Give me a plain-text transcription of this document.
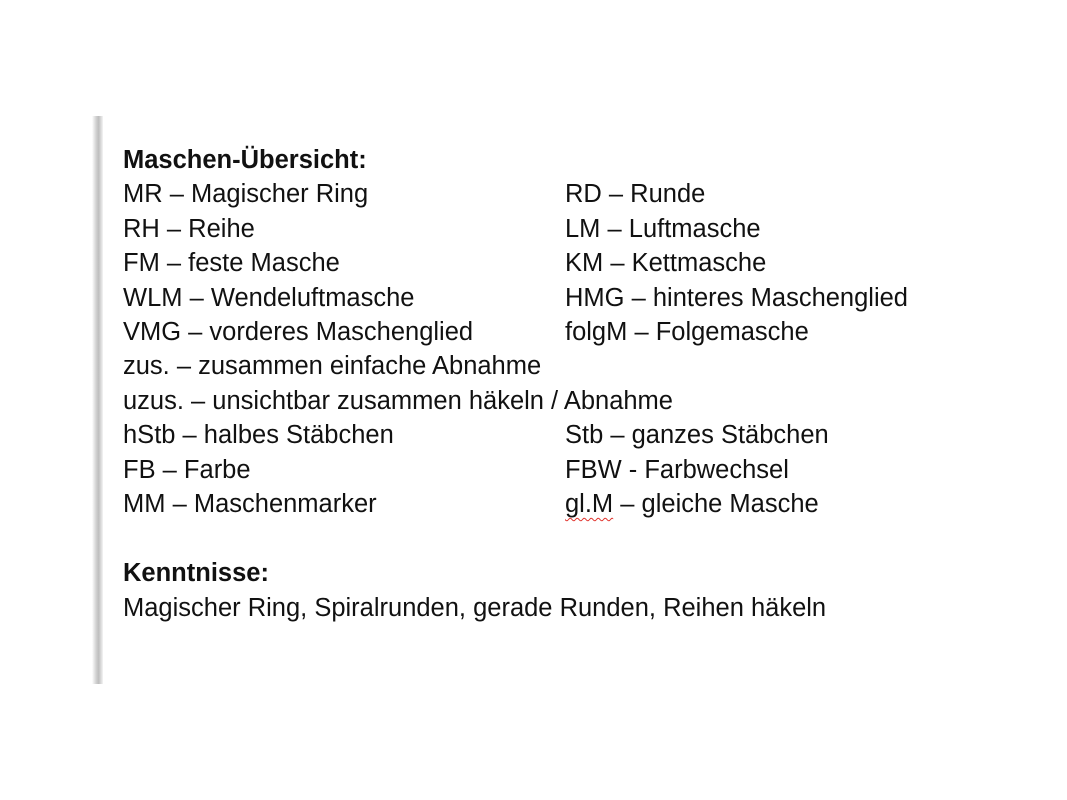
Maschen-Übersicht:
MR – Magischer Ring	RD – Runde
RH – Reihe	LM – Luftmasche
FM – feste Masche	KM – Kettmasche
WLM – Wendeluftmasche	HMG – hinteres Maschenglied
VMG – vorderes Maschenglied	folgM – Folgemasche
zus. – zusammen einfache Abnahme
uzus. – unsichtbar zusammen häkeln / Abnahme
hStb – halbes Stäbchen	Stb – ganzes Stäbchen
FB – Farbe	FBW - Farbwechsel
MM – Maschenmarker	gl.M – gleiche Masche
Kenntnisse:
Magischer Ring, Spiralrunden, gerade Runden, Reihen häkeln
